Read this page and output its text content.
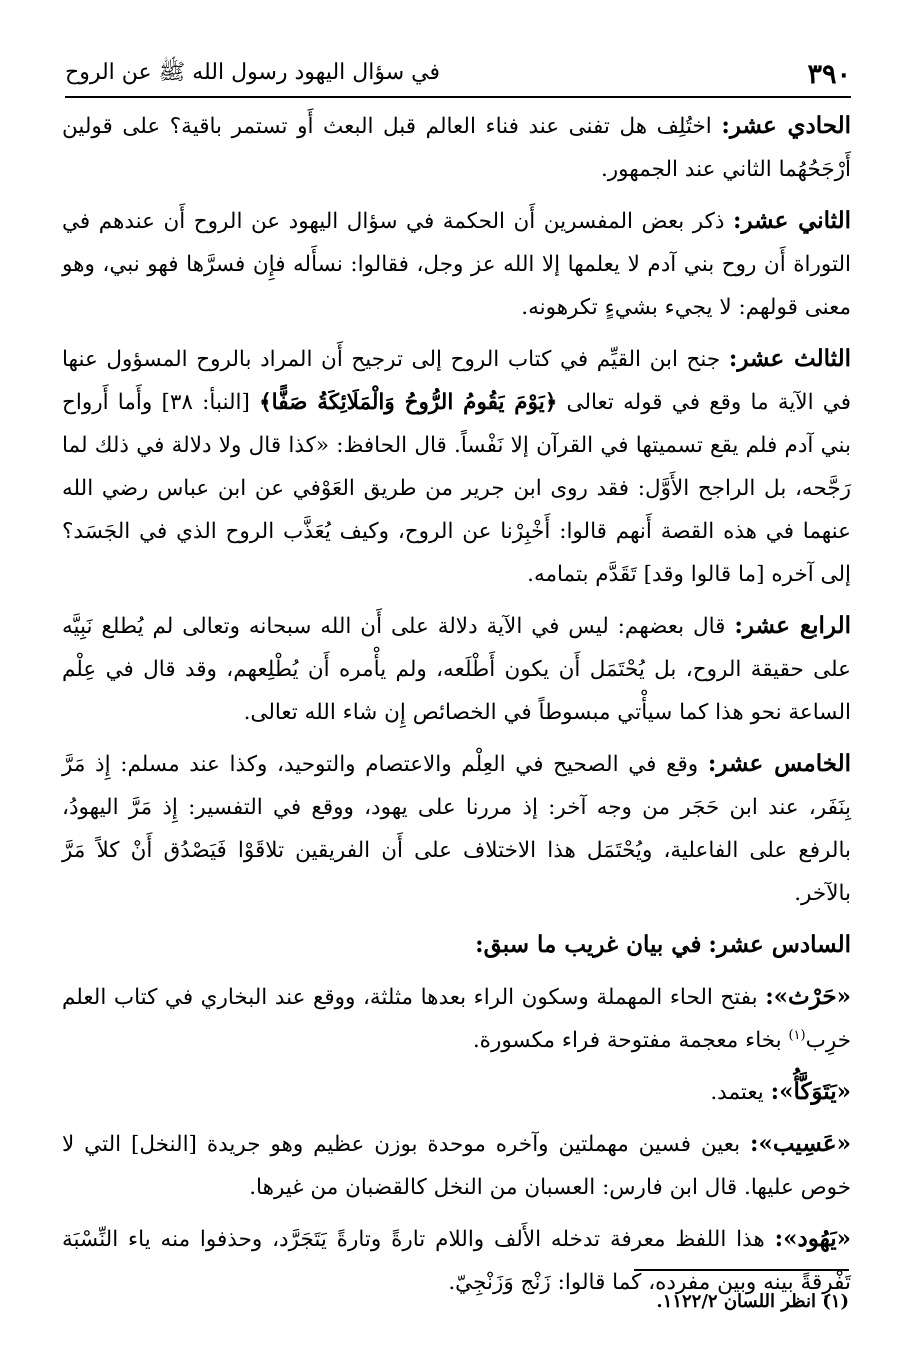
٣٩٠
في سؤال اليهود رسول الله ﷺ عن الروح

الحادي عشر: اختُلِف هل تفنى عند فناء العالم قبل البعث أَو تستمر باقية؟ على قولين أَرْجَحُهُما الثاني عند الجمهور.

الثاني عشر: ذكر بعض المفسرين أَن الحكمة في سؤال اليهود عن الروح أَن عندهم في التوراة أَن روح بني آدم لا يعلمها إلا الله عز وجل، فقالوا: نسأَله فإِن فسرَّها فهو نبي، وهو معنى قولهم: لا يجيء بشيءٍ تكرهونه.

الثالث عشر: جنح ابن القيِّم في كتاب الروح إلى ترجيح أَن المراد بالروح المسؤول عنها في الآية ما وقع في قوله تعالى ﴿يَوْمَ يَقُومُ الرُّوحُ وَالْمَلَائِكَةُ صَفًّا﴾ [النبأ: ٣٨] وأَما أَرواح بني آدم فلم يقع تسميتها في القرآن إلا نَفْساً. قال الحافظ: «كذا قال ولا دلالة في ذلك لما رَجَّحه، بل الراجح الأَوَّل: فقد روى ابن جرير من طريق العَوْفي عن ابن عباس رضي الله عنهما في هذه القصة أَنهم قالوا: أَخْبِرْنا عن الروح، وكيف يُعَذَّب الروح الذي في الجَسَد؟ إلى آخره [ما قالوا وقد] تَقَدَّم بتمامه.

الرابع عشر: قال بعضهم: ليس في الآية دلالة على أَن الله سبحانه وتعالى لم يُطلع نَبِيَّه على حقيقة الروح، بل يُحْتَمَل أَن يكون أَطْلَعه، ولم يأْمره أَن يُطْلِعهم، وقد قال في عِلْم الساعة نحو هذا كما سيأْتي مبسوطاً في الخصائص إِن شاء الله تعالى.

الخامس عشر: وقع في الصحيح في العِلْم والاعتصام والتوحيد، وكذا عند مسلم: إِذ مَرَّ بِنَفَر، عند ابن حَجَر من وجه آخر: إذ مررنا على يهود، ووقع في التفسير: إِذ مَرَّ اليهودُ، بالرفع على الفاعلية، ويُحْتَمَل هذا الاختلاف على أَن الفريقين تلاقَوْا فَيَصْدُق أَنْ كلاً مَرَّ بالآخر.

السادس عشر: في بيان غريب ما سبق:

«حَرْث»: بفتح الحاء المهملة وسكون الراء بعدها مثلثة، ووقع عند البخاري في كتاب العلم خرِب$^{(١)}$ بخاء معجمة مفتوحة فراء مكسورة.

«يَتَوَكَّأُ»: يعتمد.

«عَسِيب»: بعين فسين مهملتين وآخره موحدة بوزن عظيم وهو جريدة [النخل] التي لا خوص عليها. قال ابن فارس: العسبان من النخل كالقضبان من غيرها.

«يَهُود»: هذا اللفظ معرفة تدخله الأَلف واللام تارةً وتارةً يَتَجَرَّد، وحذفوا منه ياء النِّسْبَة تَفْرِقةً بينه وبين مفرده، كما قالوا: زَنْج وَزَنْجِيّ.

(١) انظر اللسان ١١٢٢/٢.
